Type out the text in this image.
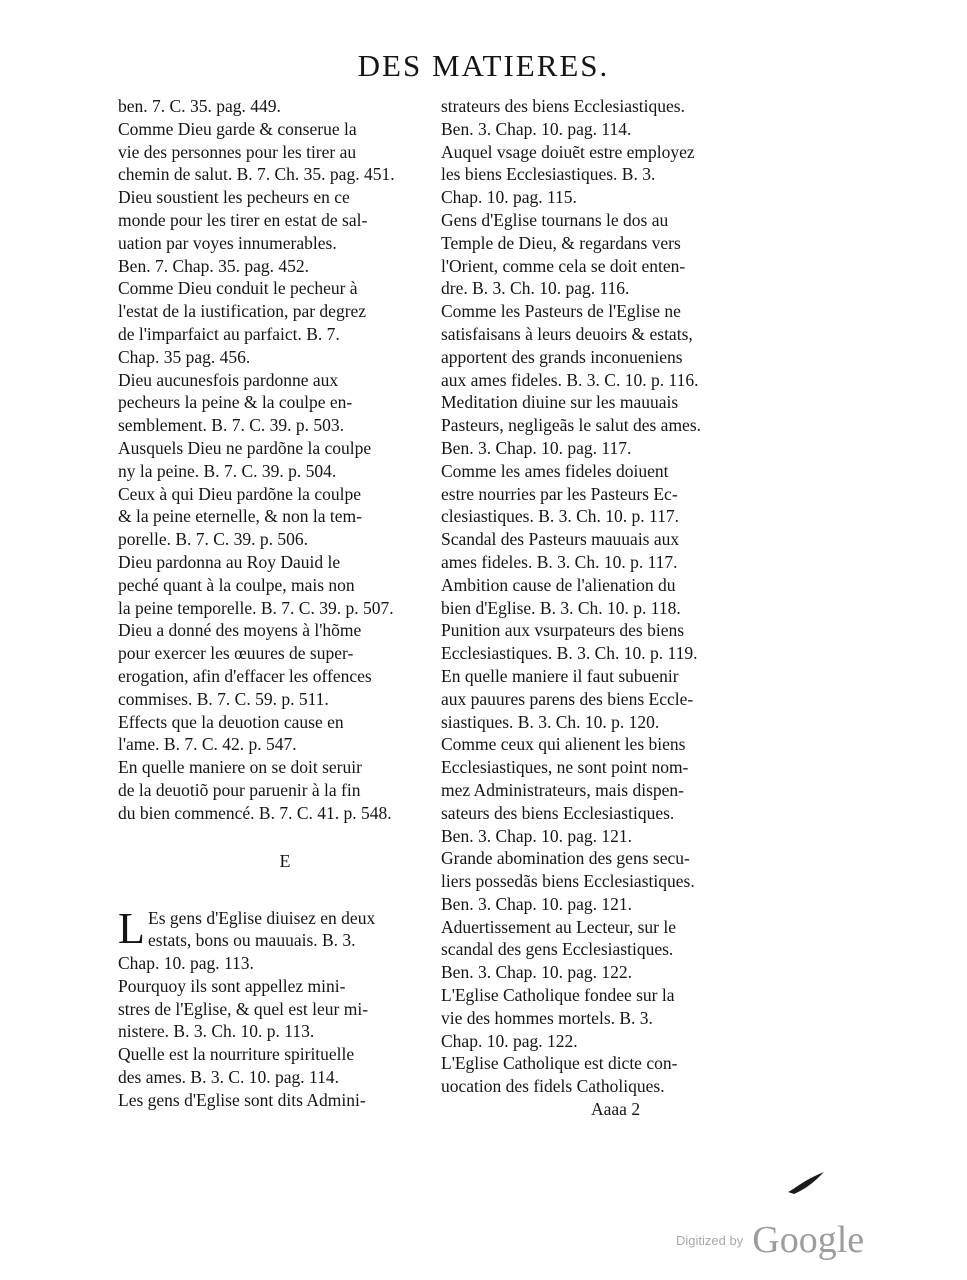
DES MATIERES.
ben. 7. C. 35. pag. 449.
Comme Dieu garde & conserue la
vie des personnes pour les tirer au
chemin de salut. B. 7. Ch. 35. pag. 451.
Dieu soustient les pecheurs en ce
monde pour les tirer en estat de sal-
uation par voyes innumerables.
Ben. 7. Chap. 35. pag. 452.
Comme Dieu conduit le pecheur à
l'estat de la iustification, par degrez
de l'imparfaict au parfaict. B. 7.
Chap. 35 pag. 456.
Dieu aucunesfois pardonne aux
pecheurs la peine & la coulpe en-
semblement. B. 7. C. 39. p. 503.
Ausquels Dieu ne pardõne la coulpe
ny la peine. B. 7. C. 39. p. 504.
Ceux à qui Dieu pardõne la coulpe
& la peine eternelle, & non la tem-
porelle. B. 7. C. 39. p. 506.
Dieu pardonna au Roy Dauid le
peché quant à la coulpe, mais non
la peine temporelle. B. 7. C. 39. p. 507.
Dieu a donné des moyens à l'hõme
pour exercer les œuures de super-
erogation, afin d'effacer les offences
commises. B. 7. C. 59. p. 511.
Effects que la deuotion cause en
l'ame. B. 7. C. 42. p. 547.
En quelle maniere on se doit seruir
de la deuotiõ pour paruenir à la fin
du bien commencé. B. 7. C. 41. p. 548.
E
L Es gens d'Eglise diuisez en deux
estats, bons ou mauuais. B. 3.
Chap. 10. pag. 113.
Pourquoy ils sont appellez mini-
stres de l'Eglise, & quel est leur mi-
nistere. B. 3. Ch. 10. p. 113.
Quelle est la nourriture spirituelle
des ames. B. 3. C. 10. pag. 114.
Les gens d'Eglise sont dits Admini-
strateurs des biens Ecclesiastiques.
Ben. 3. Chap. 10. pag. 114.
Auquel vsage doiuẽt estre employez
les biens Ecclesiastiques. B. 3.
Chap. 10. pag. 115.
Gens d'Eglise tournans le dos au
Temple de Dieu, & regardans vers
l'Orient, comme cela se doit enten-
dre. B. 3. Ch. 10. pag. 116.
Comme les Pasteurs de l'Eglise ne
satisfaisans à leurs deuoirs & estats,
apportent des grands inconueniens
aux ames fideles. B. 3. C. 10. p. 116.
Meditation diuine sur les mauuais
Pasteurs, negligeãs le salut des ames.
Ben. 3. Chap. 10. pag. 117.
Comme les ames fideles doiuent
estre nourries par les Pasteurs Ec-
clesiastiques. B. 3. Ch. 10. p. 117.
Scandal des Pasteurs mauuais aux
ames fideles. B. 3. Ch. 10. p. 117.
Ambition cause de l'alienation du
bien d'Eglise. B. 3. Ch. 10. p. 118.
Punition aux vsurpateurs des biens
Ecclesiastiques. B. 3. Ch. 10. p. 119.
En quelle maniere il faut subuenir
aux pauures parens des biens Eccle-
siastiques. B. 3. Ch. 10. p. 120.
Comme ceux qui alienent les biens
Ecclesiastiques, ne sont point nom-
mez Administrateurs, mais dispen-
sateurs des biens Ecclesiastiques.
Ben. 3. Chap. 10. pag. 121.
Grande abomination des gens secu-
liers possedãs biens Ecclesiastiques.
Ben. 3. Chap. 10. pag. 121.
Aduertissement au Lecteur, sur le
scandal des gens Ecclesiastiques.
Ben. 3. Chap. 10. pag. 122.
L'Eglise Catholique fondee sur la
vie des hommes mortels. B. 3.
Chap. 10. pag. 122.
L'Eglise Catholique est dicte con-
uocation des fidels Catholiques.
Aaaa 2
Digitized by Google
